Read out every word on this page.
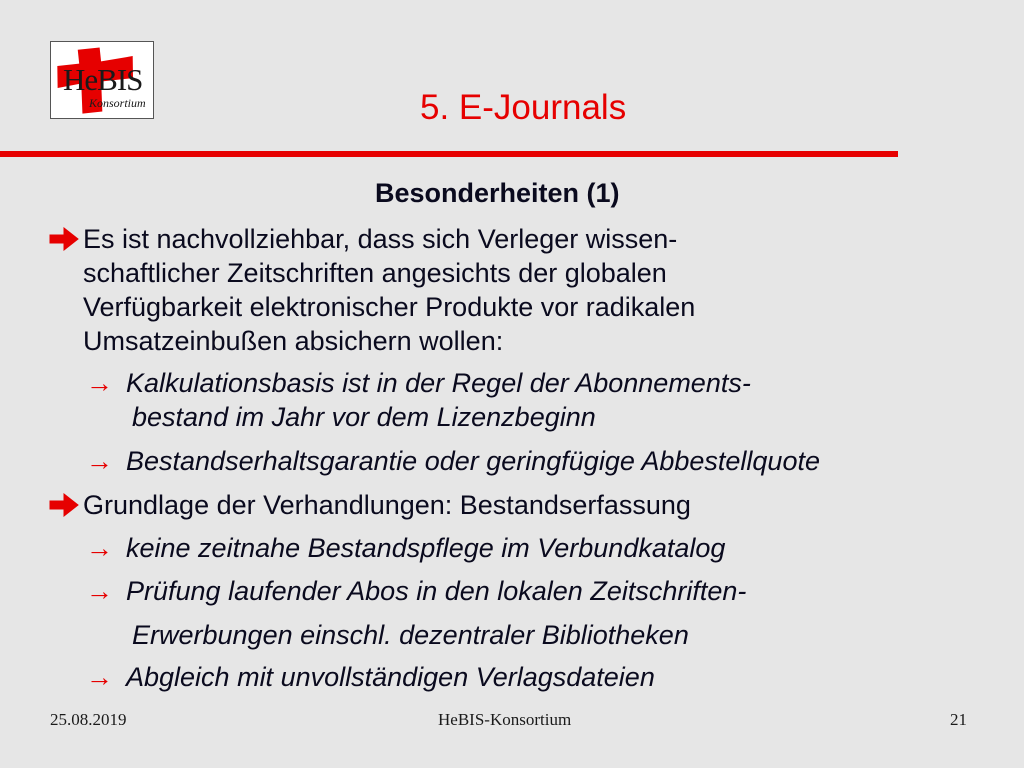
HeBIS
Konsortium	5. E-Journals
Besonderheiten (1)
Es ist nachvollziehbar, dass sich Verleger wissen-
schaftlicher Zeitschriften angesichts der globalen
Verfügbarkeit elektronischer Produkte vor radikalen
Umsatzeinbußen absichern wollen:
→ Kalkulationsbasis ist in der Regel der Abonnements-
bestand im Jahr vor dem Lizenzbeginn
→ Bestandserhaltsgarantie oder geringfügige Abbestellquote
Grundlage der Verhandlungen: Bestandserfassung
→ keine zeitnahe Bestandspflege im Verbundkatalog
→ Prüfung laufender Abos in den lokalen Zeitschriften-
Erwerbungen einschl. dezentraler Bibliotheken
→ Abgleich mit unvollständigen Verlagsdateien
25.08.2019	HeBIS-Konsortium	21
